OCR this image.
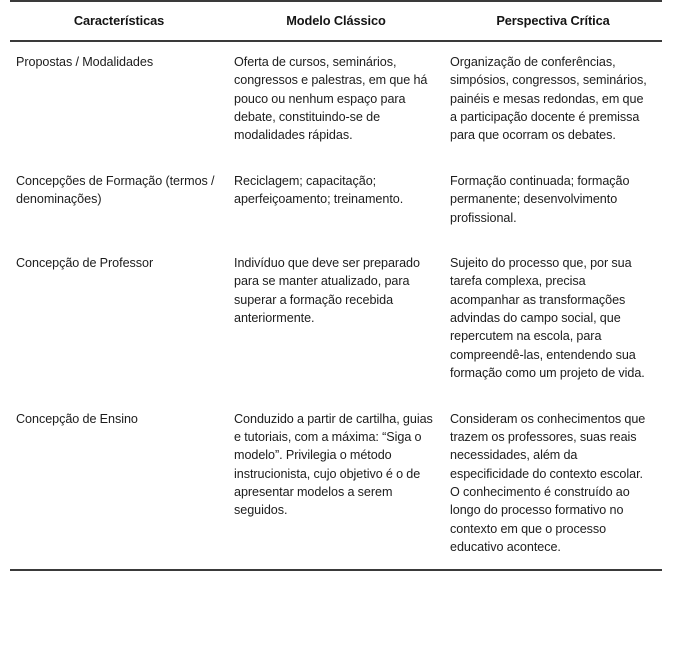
Características	Modelo Clássico	Perspectiva Crítica

Propostas / Modalidades	Oferta de cursos, seminários, congressos e palestras, em que há pouco ou nenhum espaço para debate, constituindo-se de modalidades rápidas.	Organização de conferências, simpósios, congressos, seminários, painéis e mesas redondas, em que a participação docente é premissa para que ocorram os debates.

Concepções de Formação (termos / denominações)	Reciclagem; capacitação; aperfeiçoamento; treinamento.	Formação continuada; formação permanente; desenvolvimento profissional.

Concepção de Professor	Indivíduo que deve ser preparado para se manter atualizado, para superar a formação recebida anteriormente.	Sujeito do processo que, por sua tarefa complexa, precisa acompanhar as transformações advindas do campo social, que repercutem na escola, para compreendê-las, entendendo sua formação como um projeto de vida.

Concepção de Ensino	Conduzido a partir de cartilha, guias e tutoriais, com a máxima: “Siga o modelo”. Privilegia o método instrucionista, cujo objetivo é o de apresentar modelos a serem seguidos.	Consideram os conhecimentos que trazem os professores, suas reais necessidades, além da especificidade do contexto escolar. O conhecimento é construído ao longo do processo formativo no contexto em que o processo educativo acontece.
